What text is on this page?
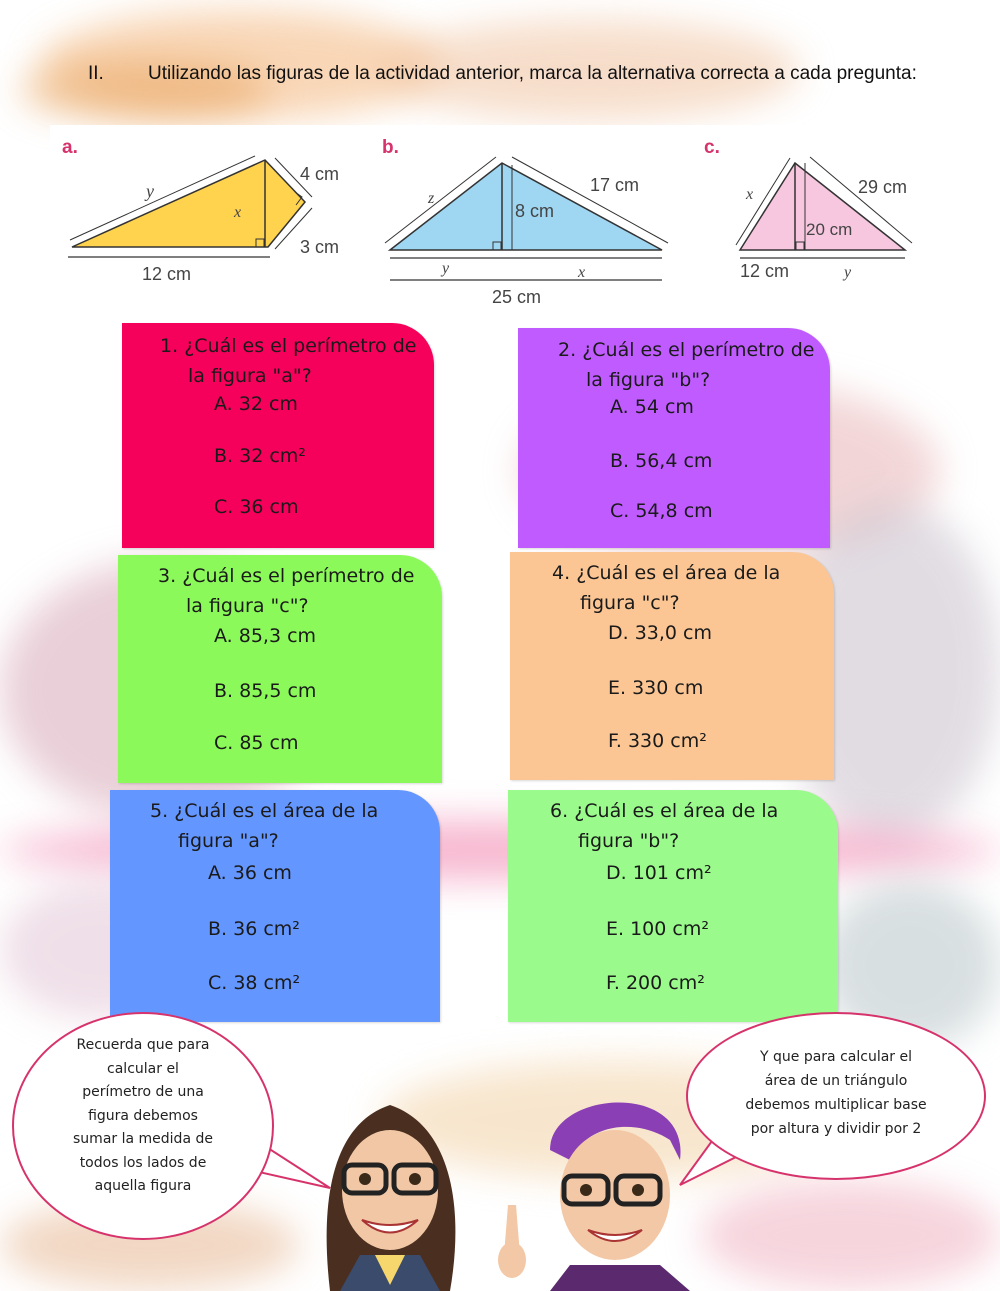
II. Utilizando las figuras de la actividad anterior, marca la alternativa correcta a cada pregunta:
a.	b.	c.
y
x
4 cm
3 cm
12 cm
z
8 cm
17 cm
y	x
25 cm
x	29 cm
20 cm
12 cm	y
1. ¿Cuál es el perímetro de
la figura "a"?
A. 32 cm
B. 32 cm²
C. 36 cm
2. ¿Cuál es el perímetro de
la figura "b"?
A. 54 cm
B. 56,4 cm
C. 54,8 cm
3. ¿Cuál es el perímetro de
la figura "c"?
A. 85,3 cm
B. 85,5 cm
C. 85 cm
4. ¿Cuál es el área de la
figura "c"?
D. 33,0 cm
E. 330 cm
F. 330 cm²
5. ¿Cuál es el área de la
figura "a"?
A. 36 cm
B. 36 cm²
C. 38 cm²
6. ¿Cuál es el área de la
figura "b"?
D. 101 cm²
E. 100 cm²
F. 200 cm²
Recuerda que para
calcular el
perímetro de una
figura debemos
sumar la medida de
todos los lados de
aquella figura
Y que para calcular el
área de un triángulo
debemos multiplicar base
por altura y dividir por 2
